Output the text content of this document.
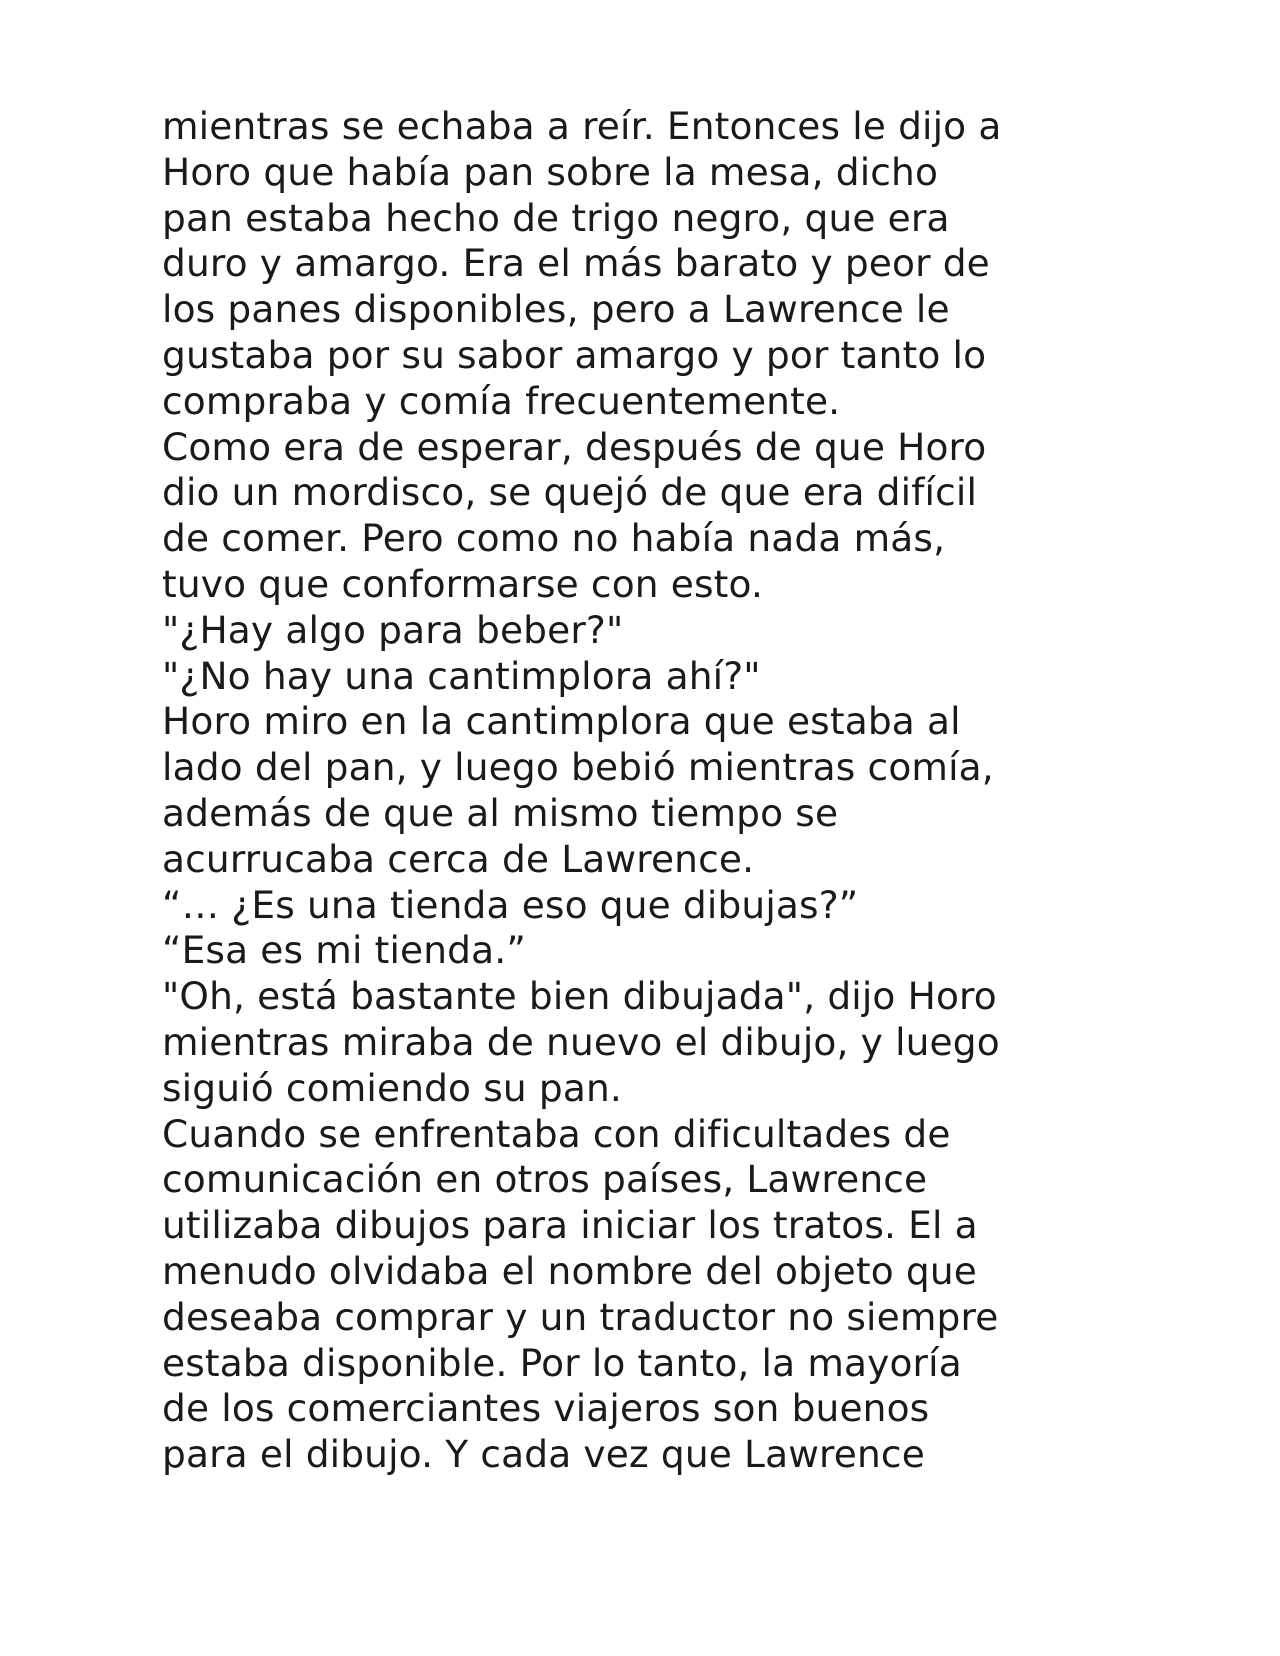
mientras se echaba a reír. Entonces le dijo a
Horo que había pan sobre la mesa, dicho
pan estaba hecho de trigo negro, que era
duro y amargo. Era el más barato y peor de
los panes disponibles, pero a Lawrence le
gustaba por su sabor amargo y por tanto lo
compraba y comía frecuentemente.
Como era de esperar, después de que Horo
dio un mordisco, se quejó de que era difícil
de comer. Pero como no había nada más,
tuvo que conformarse con esto.
"¿Hay algo para beber?"
"¿No hay una cantimplora ahí?"
Horo miro en la cantimplora que estaba al
lado del pan, y luego bebió mientras comía,
además de que al mismo tiempo se
acurrucaba cerca de Lawrence.
“… ¿Es una tienda eso que dibujas?”
“Esa es mi tienda.”
"Oh, está bastante bien dibujada", dijo Horo
mientras miraba de nuevo el dibujo, y luego
siguió comiendo su pan.
Cuando se enfrentaba con dificultades de
comunicación en otros países, Lawrence
utilizaba dibujos para iniciar los tratos. El a
menudo olvidaba el nombre del objeto que
deseaba comprar y un traductor no siempre
estaba disponible. Por lo tanto, la mayoría
de los comerciantes viajeros son buenos
para el dibujo. Y cada vez que Lawrence
